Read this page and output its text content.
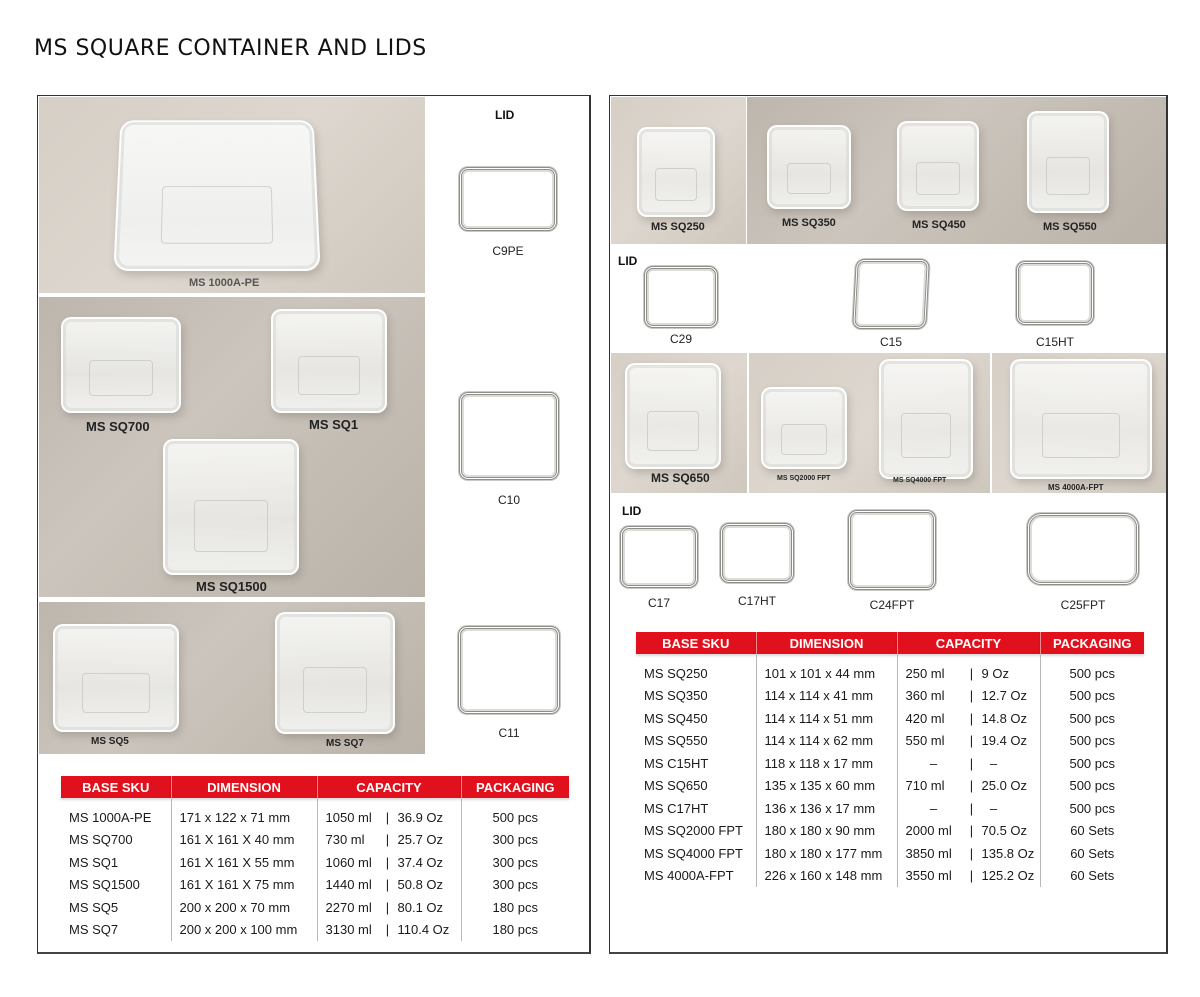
MS SQUARE CONTAINER AND LIDS
MS 1000A-PE
MS SQ700	MS SQ1
MS SQ1500
MS SQ5	MS SQ7
LID
C9PE
C10
C11
BASE SKU	DIMENSION	CAPACITY	PACKAGING

MS 1000A-PE	171 x 122 x 71 mm	1050 ml | 36.9 Oz	500 pcs
MS SQ700	161 X 161 X 40 mm	730 ml | 25.7 Oz	300 pcs
MS SQ1	161 X 161 X 55 mm	1060 ml | 37.4 Oz	300 pcs
MS SQ1500	161 X 161 X 75 mm	1440 ml | 50.8 Oz	300 pcs
MS SQ5	200 x 200 x 70 mm	2270 ml | 80.1 Oz	180 pcs
MS SQ7	200 x 200 x 100 mm	3130 ml | 110.4 Oz	180 pcs
MS SQ250	MS SQ350	MS SQ450	MS SQ550
LID
C29	C15	C15HT
MS SQ650	MS SQ2000 FPT	MS SQ4000 FPT
MS 4000A-FPT
LID
C17	C17HT	C24FPT	C25FPT
BASE SKU	DIMENSION	CAPACITY	PACKAGING

MS SQ250	101 x 101 x 44 mm	250 ml | 9 Oz	500 pcs
MS SQ350	114 x 114 x 41 mm	360 ml | 12.7 Oz	500 pcs
MS SQ450	114 x 114 x 51 mm	420 ml | 14.8 Oz	500 pcs
MS SQ550	114 x 114 x 62 mm	550 ml | 19.4 Oz	500 pcs
MS C15HT	118 x 118 x 17 mm	– | –	500 pcs
MS SQ650	135 x 135 x 60 mm	710 ml | 25.0 Oz	500 pcs
MS C17HT	136 x 136 x 17 mm	– | –	500 pcs
MS SQ2000 FPT	180 x 180 x 90 mm	2000 ml | 70.5 Oz	60 Sets
MS SQ4000 FPT	180 x 180 x 177 mm	3850 ml | 135.8 Oz	60 Sets
MS 4000A-FPT	226 x 160 x 148 mm	3550 ml | 125.2 Oz	60 Sets
